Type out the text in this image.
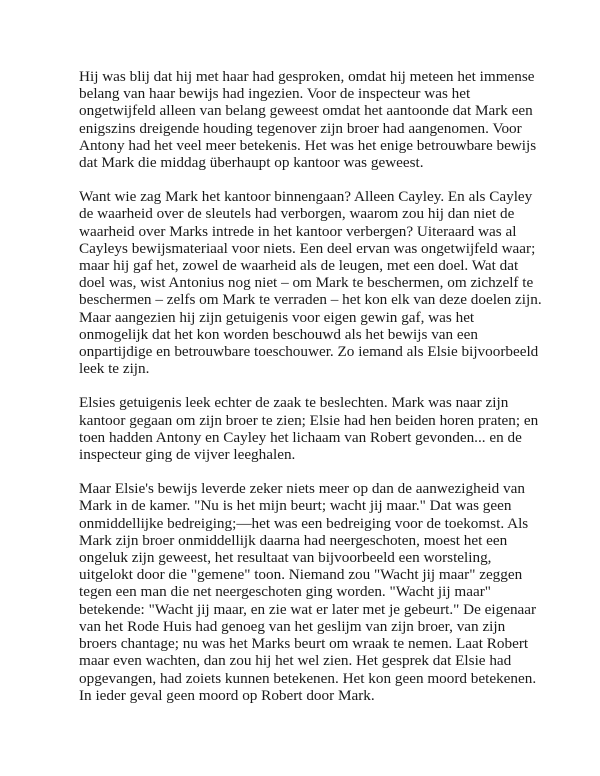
Hij was blij dat hij met haar had gesproken, omdat hij meteen het immense
belang van haar bewijs had ingezien. Voor de inspecteur was het
ongetwijfeld alleen van belang geweest omdat het aantoonde dat Mark een
enigszins dreigende houding tegenover zijn broer had aangenomen. Voor
Antony had het veel meer betekenis. Het was het enige betrouwbare bewijs
dat Mark die middag überhaupt op kantoor was geweest.

Want wie zag Mark het kantoor binnengaan? Alleen Cayley. En als Cayley
de waarheid over de sleutels had verborgen, waarom zou hij dan niet de
waarheid over Marks intrede in het kantoor verbergen? Uiteraard was al
Cayleys bewijsmateriaal voor niets. Een deel ervan was ongetwijfeld waar;
maar hij gaf het, zowel de waarheid als de leugen, met een doel. Wat dat
doel was, wist Antonius nog niet – om Mark te beschermen, om zichzelf te
beschermen – zelfs om Mark te verraden – het kon elk van deze doelen zijn.
Maar aangezien hij zijn getuigenis voor eigen gewin gaf, was het
onmogelijk dat het kon worden beschouwd als het bewijs van een
onpartijdige en betrouwbare toeschouwer. Zo iemand als Elsie bijvoorbeeld
leek te zijn.

Elsies getuigenis leek echter de zaak te beslechten. Mark was naar zijn
kantoor gegaan om zijn broer te zien; Elsie had hen beiden horen praten; en
toen hadden Antony en Cayley het lichaam van Robert gevonden... en de
inspecteur ging de vijver leeghalen.

Maar Elsie's bewijs leverde zeker niets meer op dan de aanwezigheid van
Mark in de kamer. "Nu is het mijn beurt; wacht jij maar." Dat was geen
onmiddellijke bedreiging;—het was een bedreiging voor de toekomst. Als
Mark zijn broer onmiddellijk daarna had neergeschoten, moest het een
ongeluk zijn geweest, het resultaat van bijvoorbeeld een worsteling,
uitgelokt door die "gemene" toon. Niemand zou "Wacht jij maar" zeggen
tegen een man die net neergeschoten ging worden. "Wacht jij maar"
betekende: "Wacht jij maar, en zie wat er later met je gebeurt." De eigenaar
van het Rode Huis had genoeg van het geslijm van zijn broer, van zijn
broers chantage; nu was het Marks beurt om wraak te nemen. Laat Robert
maar even wachten, dan zou hij het wel zien. Het gesprek dat Elsie had
opgevangen, had zoiets kunnen betekenen. Het kon geen moord betekenen.
In ieder geval geen moord op Robert door Mark.
